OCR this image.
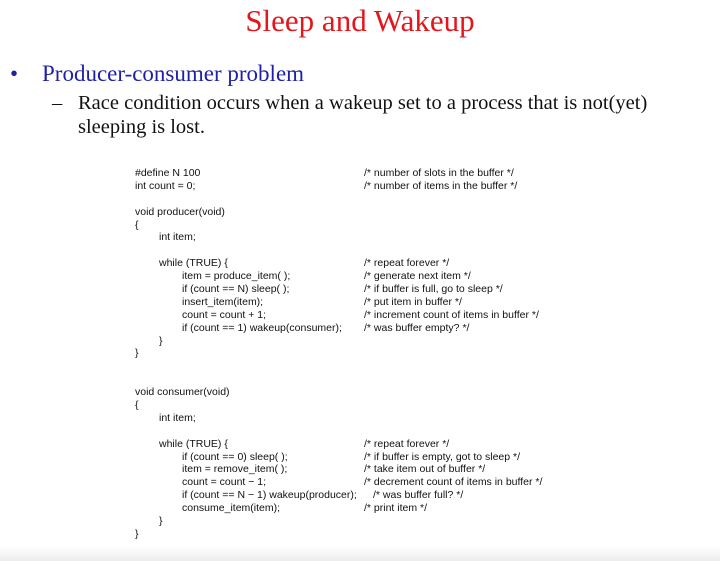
Sleep and Wakeup
• Producer-consumer problem
– Race condition occurs when a wakeup set to a process that is not(yet) sleeping is lost.
#define N 100	/* number of slots in the buffer */
int count = 0;	/* number of items in the buffer */
void producer(void)
{
int item;
while (TRUE) {	/* repeat forever */
item = produce_item( );	/* generate next item */
if (count == N) sleep( );	/* if buffer is full, go to sleep */
insert_item(item);	/* put item in buffer */
count = count + 1;	/* increment count of items in buffer */
if (count == 1) wakeup(consumer); /* was buffer empty? */
}
}
void consumer(void)
{
int item;
while (TRUE) {	/* repeat forever */
if (count == 0) sleep( );	/* if buffer is empty, got to sleep */
item = remove_item( );	/* take item out of buffer */
count = count − 1;	/* decrement count of items in buffer */
if (count == N − 1) wakeup(producer); /* was buffer full? */
consume_item(item);	/* print item */
}
}
